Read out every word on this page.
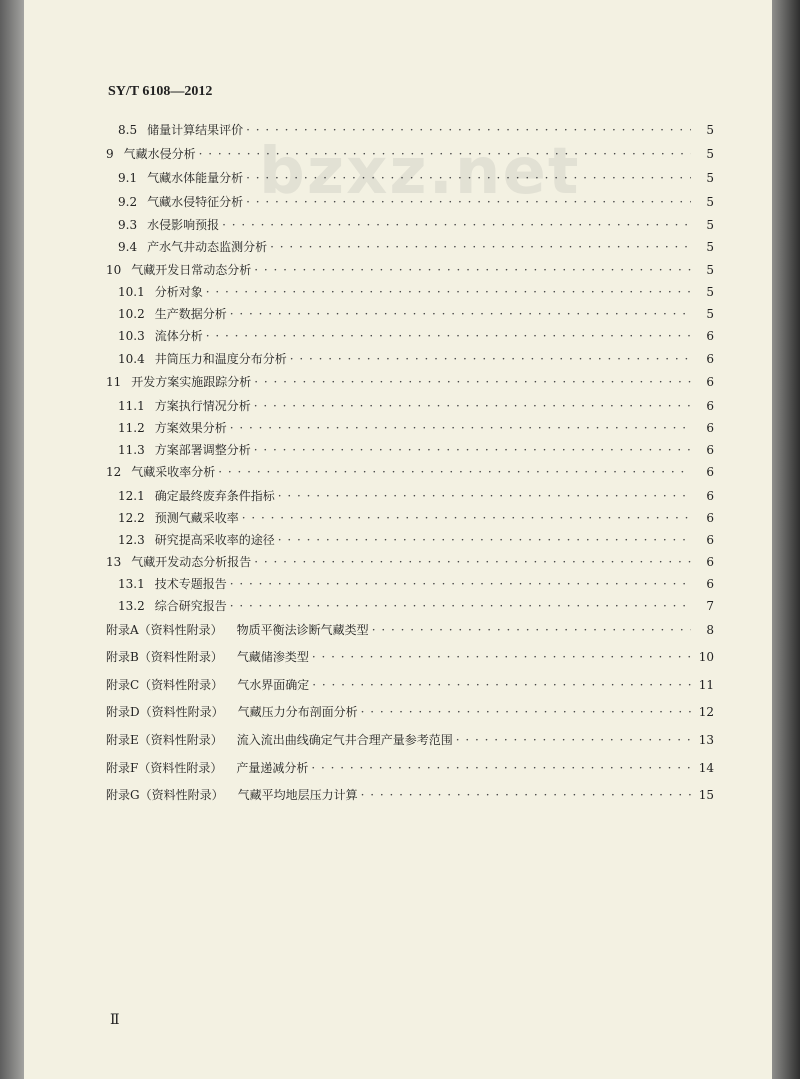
bzxz.net
SY/T 6108—2012
8.5 储量计算结果评价 · · ·	5
9 气藏水侵分析 · · ·	5
9.1 气藏水体能量分析 · · ·	5
9.2 气藏水侵特征分析 · · ·	5
9.3 水侵影响预报 · · ·	5
9.4 产水气井动态监测分析 · · ·	5
10 气藏开发日常动态分析 · · ·	5
10.1 分析对象 · · ·	5
10.2 生产数据分析 · · ·	5
10.3 流体分析 · · ·	6
10.4 井筒压力和温度分布分析 · · ·	6
11 开发方案实施跟踪分析 · · ·	6
11.1 方案执行情况分析 · · ·	6
11.2 方案效果分析 · · ·	6
11.3 方案部署调整分析 · · ·	6
12 气藏采收率分析 · · ·	6
12.1 确定最终废弃条件指标 · · ·	6
12.2 预测气藏采收率 · · ·	6
12.3 研究提高采收率的途径 · · ·	6
13 气藏开发动态分析报告 · · ·	6
13.1 技术专题报告 · · ·	6
13.2 综合研究报告 · · ·	7
附录A（资料性附录） 物质平衡法诊断气藏类型 · · ·	8
附录B（资料性附录） 气藏储渗类型 · · ·	10
附录C（资料性附录） 气水界面确定 · · ·	11
附录D（资料性附录） 气藏压力分布剖面分析 · · ·	12
附录E（资料性附录） 流入流出曲线确定气井合理产量参考范围 · · ·	13
附录F（资料性附录） 产量递减分析 · · ·	14
附录G（资料性附录） 气藏平均地层压力计算 · · ·	15
Ⅱ
